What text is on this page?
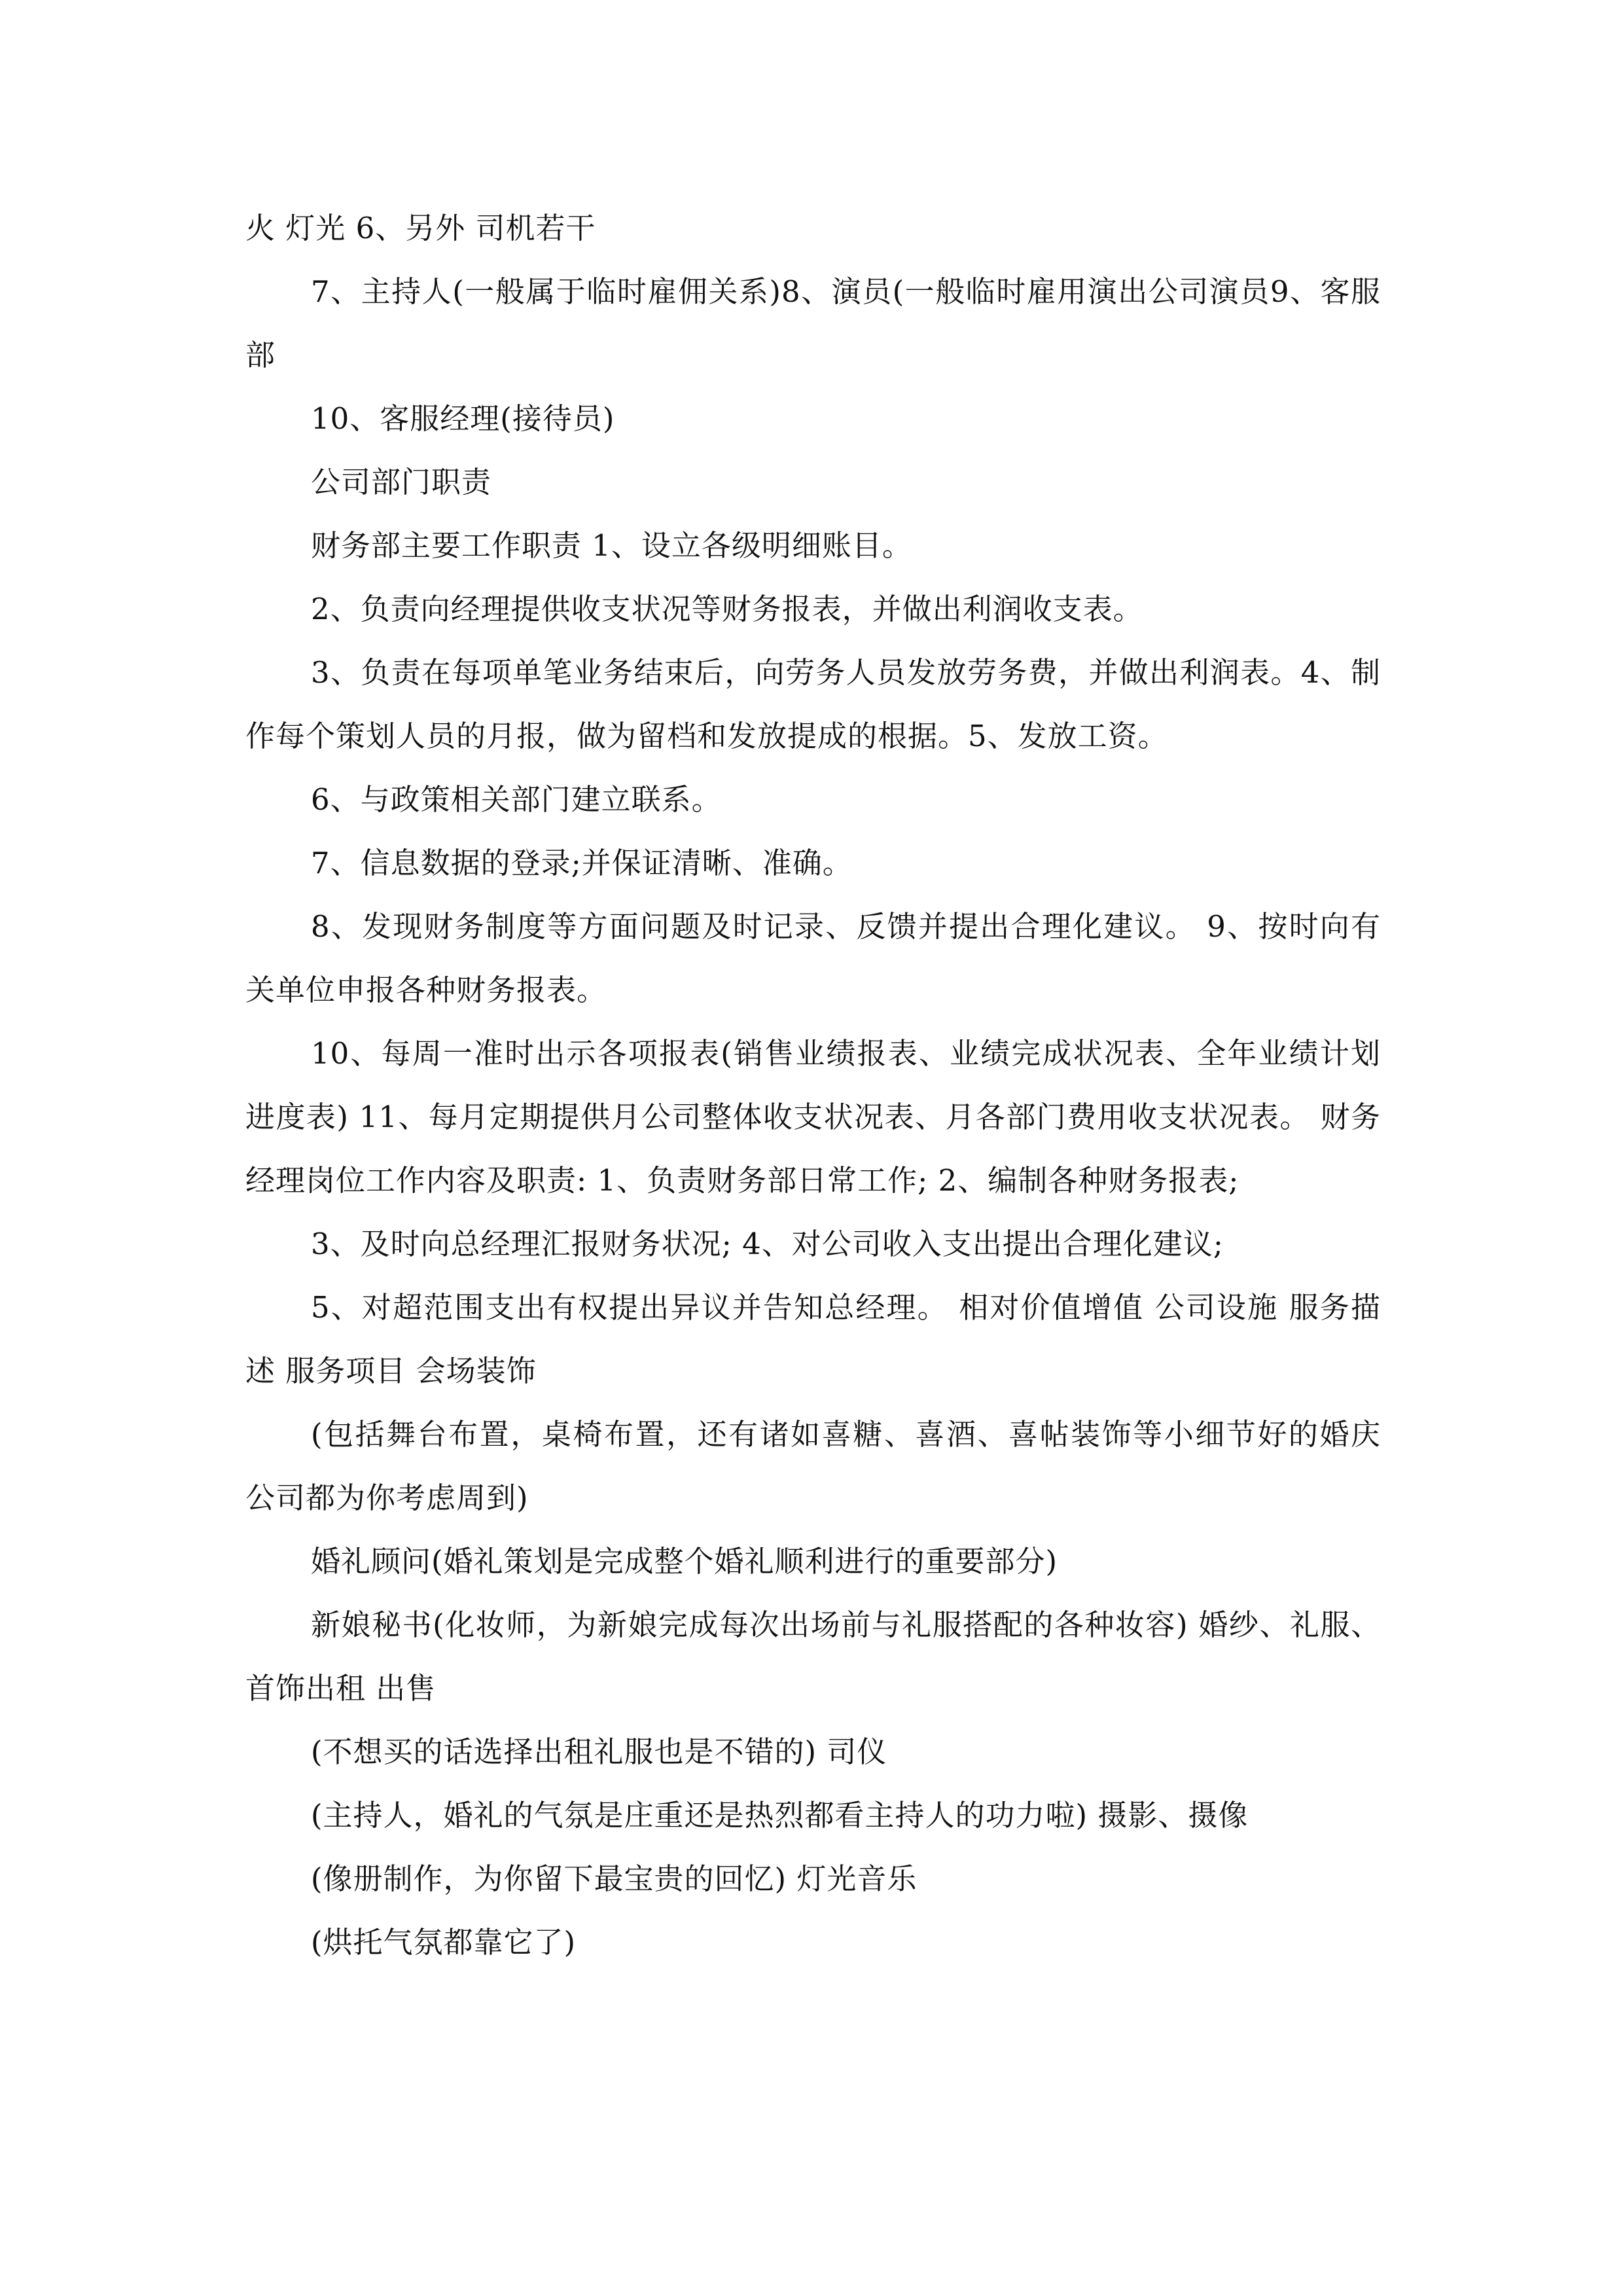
火 灯光 6、另外 司机若干

7、主持人(一般属于临时雇佣关系)8、演员(一般临时雇用演出公司演员9、客服部

10、客服经理(接待员)

公司部门职责

财务部主要工作职责 1、设立各级明细账目。

2、负责向经理提供收支状况等财务报表，并做出利润收支表。

3、负责在每项单笔业务结束后，向劳务人员发放劳务费，并做出利润表。4、制作每个策划人员的月报，做为留档和发放提成的根据。5、发放工资。

6、与政策相关部门建立联系。

7、信息数据的登录;并保证清晰、准确。

8、发现财务制度等方面问题及时记录、反馈并提出合理化建议。 9、按时向有关单位申报各种财务报表。

10、每周一准时出示各项报表(销售业绩报表、业绩完成状况表、全年业绩计划进度表) 11、每月定期提供月公司整体收支状况表、月各部门费用收支状况表。 财务经理岗位工作内容及职责: 1、负责财务部日常工作; 2、编制各种财务报表;

3、及时向总经理汇报财务状况; 4、对公司收入支出提出合理化建议;

5、对超范围支出有权提出异议并告知总经理。 相对价值增值 公司设施 服务描述 服务项目 会场装饰

(包括舞台布置，桌椅布置，还有诸如喜糖、喜酒、喜帖装饰等小细节好的婚庆 公司都为你考虑周到)

婚礼顾问(婚礼策划是完成整个婚礼顺利进行的重要部分)

新娘秘书(化妆师，为新娘完成每次出场前与礼服搭配的各种妆容) 婚纱、礼服、首饰出租 出售

(不想买的话选择出租礼服也是不错的) 司仪

(主持人，婚礼的气氛是庄重还是热烈都看主持人的功力啦) 摄影、摄像

(像册制作，为你留下最宝贵的回忆) 灯光音乐

(烘托气氛都靠它了)
